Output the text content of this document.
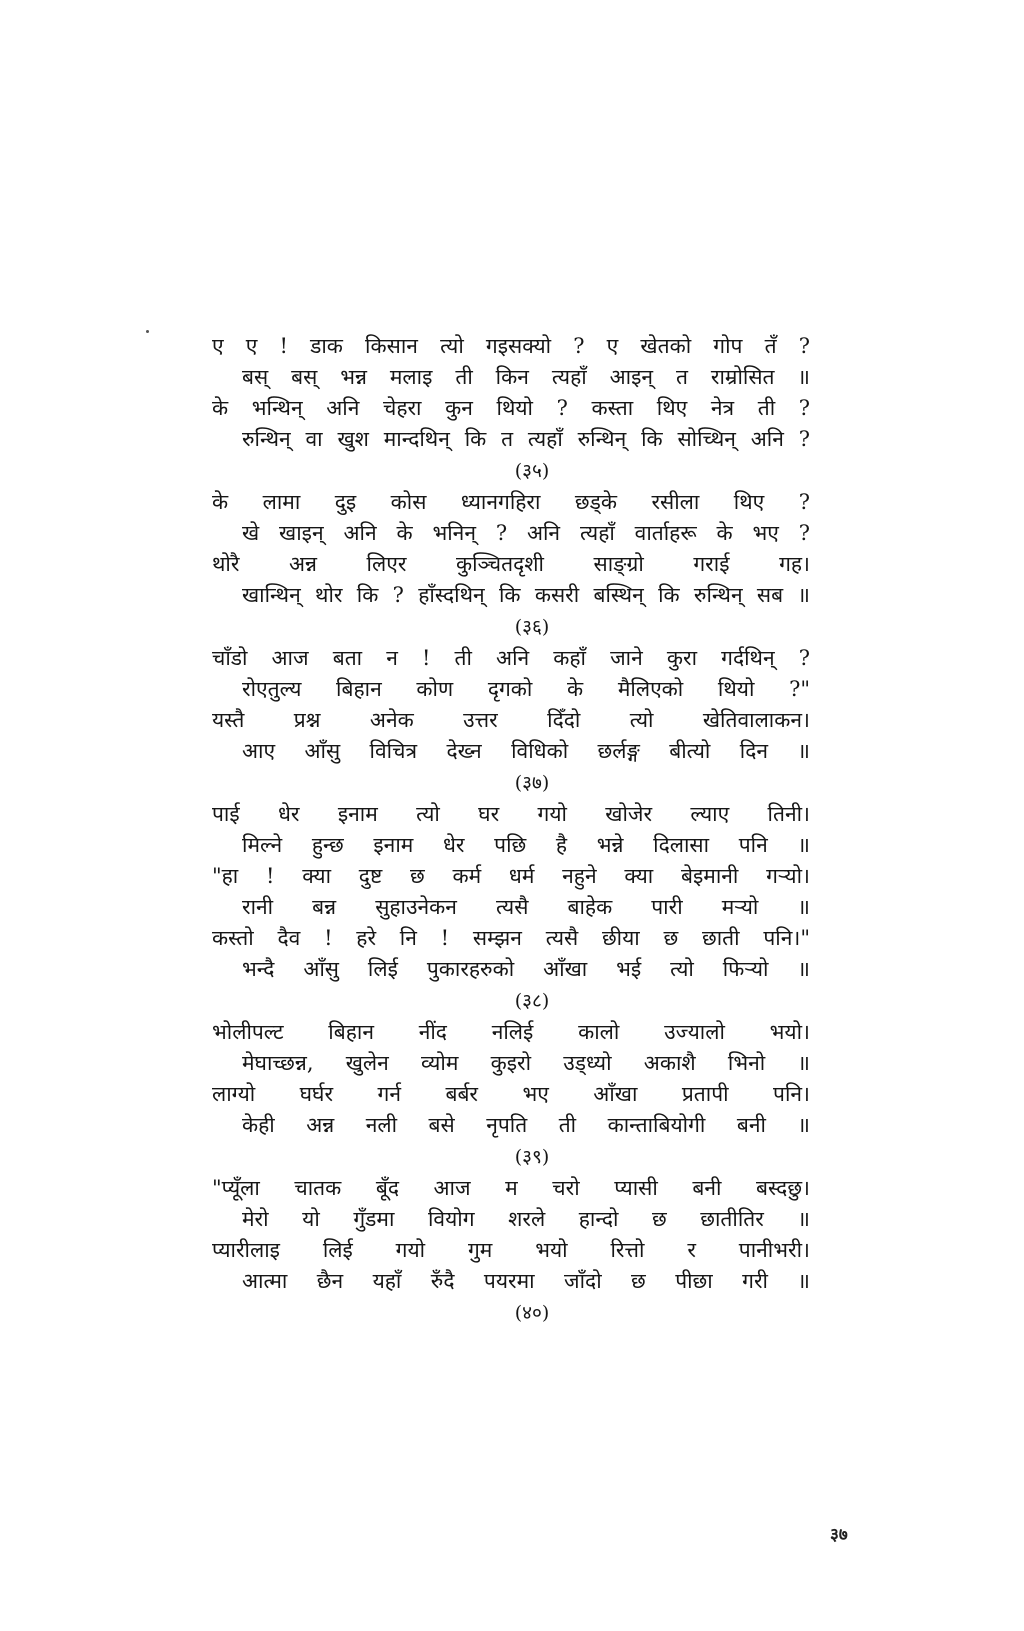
ए ए ! डाक किसान त्यो गइसक्यो ? ए खेतको गोप तँ ?
बस् बस् भन्न मलाइ ती किन त्यहाँ आइन् त राम्रोसित ॥
के भन्थिन् अनि चेहरा कुन थियो ? कस्ता थिए नेत्र ती ?
रुन्थिन् वा खुश मान्दथिन् कि त त्यहाँ रुन्थिन् कि सोच्थिन् अनि ?
(३५)
के लामा दुइ कोस ध्यानगहिरा छड्के रसीला थिए ?
खे खाइन् अनि के भनिन् ? अनि त्यहाँ वार्ताहरू के भए ?
थोरै अन्न लिएर कुञ्चितदृशी साङ्ग्रो गराई गह।
खान्थिन् थोर कि ? हाँस्दथिन् कि कसरी बस्थिन् कि रुन्थिन् सब ॥
(३६)
चाँडो आज बता न ! ती अनि कहाँ जाने कुरा गर्दथिन् ?
रोएतुल्य बिहान कोण दृगको के मैलिएको थियो ?"
यस्तै प्रश्न अनेक उत्तर दिँदो त्यो खेतिवालाकन।
आए आँसु विचित्र देख्न विधिको छर्लङ्ग बीत्यो दिन ॥
(३७)
पाई धेर इनाम त्यो घर गयो खोजेर ल्याए तिनी।
मिल्ने हुन्छ इनाम धेर पछि है भन्ने दिलासा पनि ॥
"हा ! क्या दुष्ट छ कर्म धर्म नहुने क्या बेइमानी गऱ्यो।
रानी बन्न सुहाउनेकन त्यसै बाहेक पारी मऱ्यो ॥
कस्तो दैव ! हरे नि ! सम्झन त्यसै छीया छ छाती पनि।"
भन्दै आँसु लिई पुकारहरुको आँखा भई त्यो फिऱ्यो ॥
(३८)
भोलीपल्ट बिहान नींद नलिई कालो उज्यालो भयो।
मेघाच्छन्न, खुलेन व्योम कुइरो उड्ध्यो अकाशै भिनो ॥
लाग्यो घर्घर गर्न बर्बर भए आँखा प्रतापी पनि।
केही अन्न नली बसे नृपति ती कान्ताबियोगी बनी ॥
(३९)
"प्यूँला चातक बूँद आज म चरो प्यासी बनी बस्दछु।
मेरो यो गुँडमा वियोग शरले हान्दो छ छातीतिर ॥
प्यारीलाइ लिई गयो गुम भयो रित्तो र पानीभरी।
आत्मा छैन यहाँ रुँदै पयरमा जाँदो छ पीछा गरी ॥
(४०)
३७
